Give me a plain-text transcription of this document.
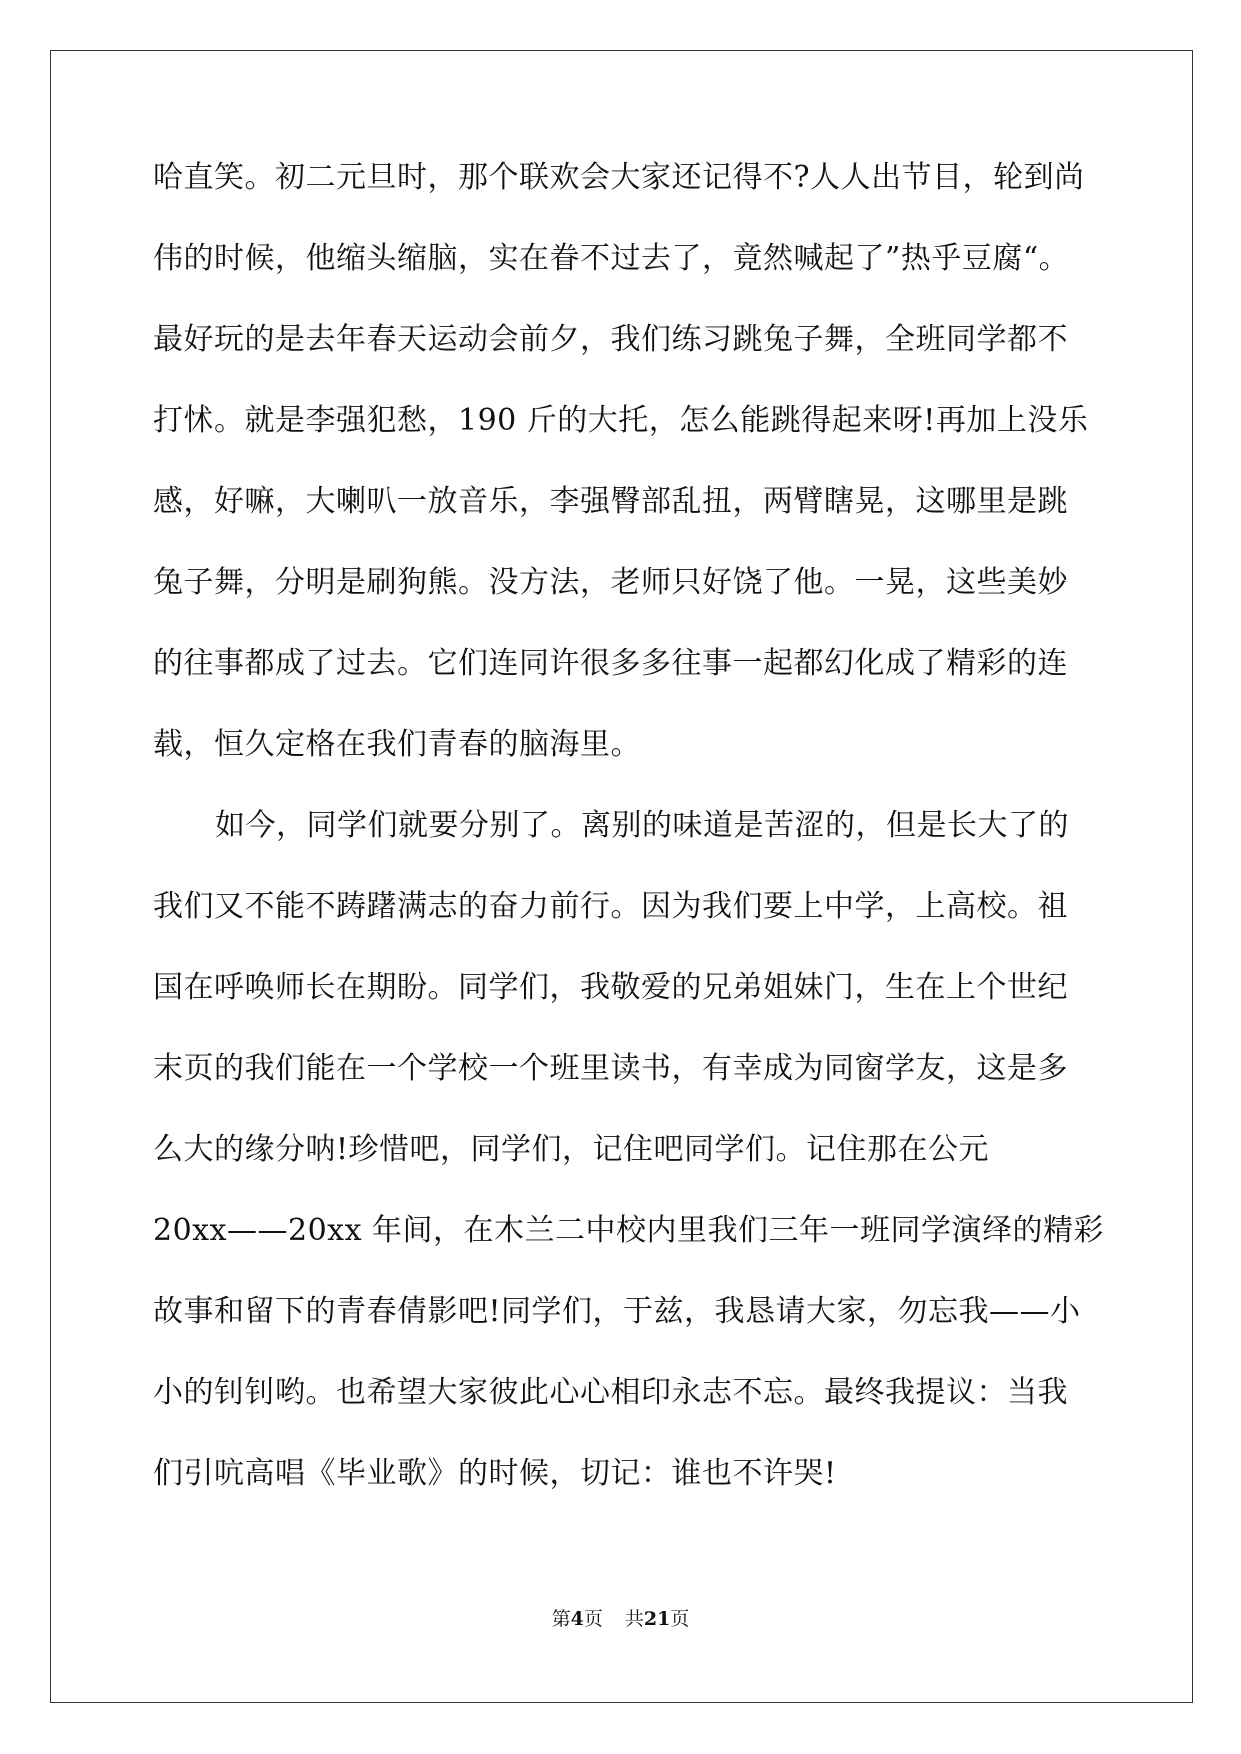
哈直笑。初二元旦时，那个联欢会大家还记得不?人人出节目，轮到尚
伟的时候，他缩头缩脑，实在眷不过去了，竟然喊起了”热乎豆腐“。
最好玩的是去年春天运动会前夕，我们练习跳兔子舞，全班同学都不
打怵。就是李强犯愁，190 斤的大托，怎么能跳得起来呀!再加上没乐
感，好嘛，大喇叭一放音乐，李强臀部乱扭，两臂瞎晃，这哪里是跳
兔子舞，分明是刷狗熊。没方法，老师只好饶了他。一晃，这些美妙
的往事都成了过去。它们连同许很多多往事一起都幻化成了精彩的连
载，恒久定格在我们青春的脑海里。
如今，同学们就要分别了。离别的味道是苦涩的，但是长大了的
我们又不能不踌躇满志的奋力前行。因为我们要上中学，上高校。祖
国在呼唤师长在期盼。同学们，我敬爱的兄弟姐妹门，生在上个世纪
末页的我们能在一个学校一个班里读书，有幸成为同窗学友，这是多
么大的缘分呐!珍惜吧，同学们，记住吧同学们。记住那在公元
20xx——20xx 年间，在木兰二中校内里我们三年一班同学演绎的精彩
故事和留下的青春倩影吧!同学们，于兹，我恳请大家，勿忘我——小
小的钊钊哟。也希望大家彼此心心相印永志不忘。最终我提议：当我
们引吭高唱《毕业歌》的时候，切记：谁也不许哭!
第4页 共21页
